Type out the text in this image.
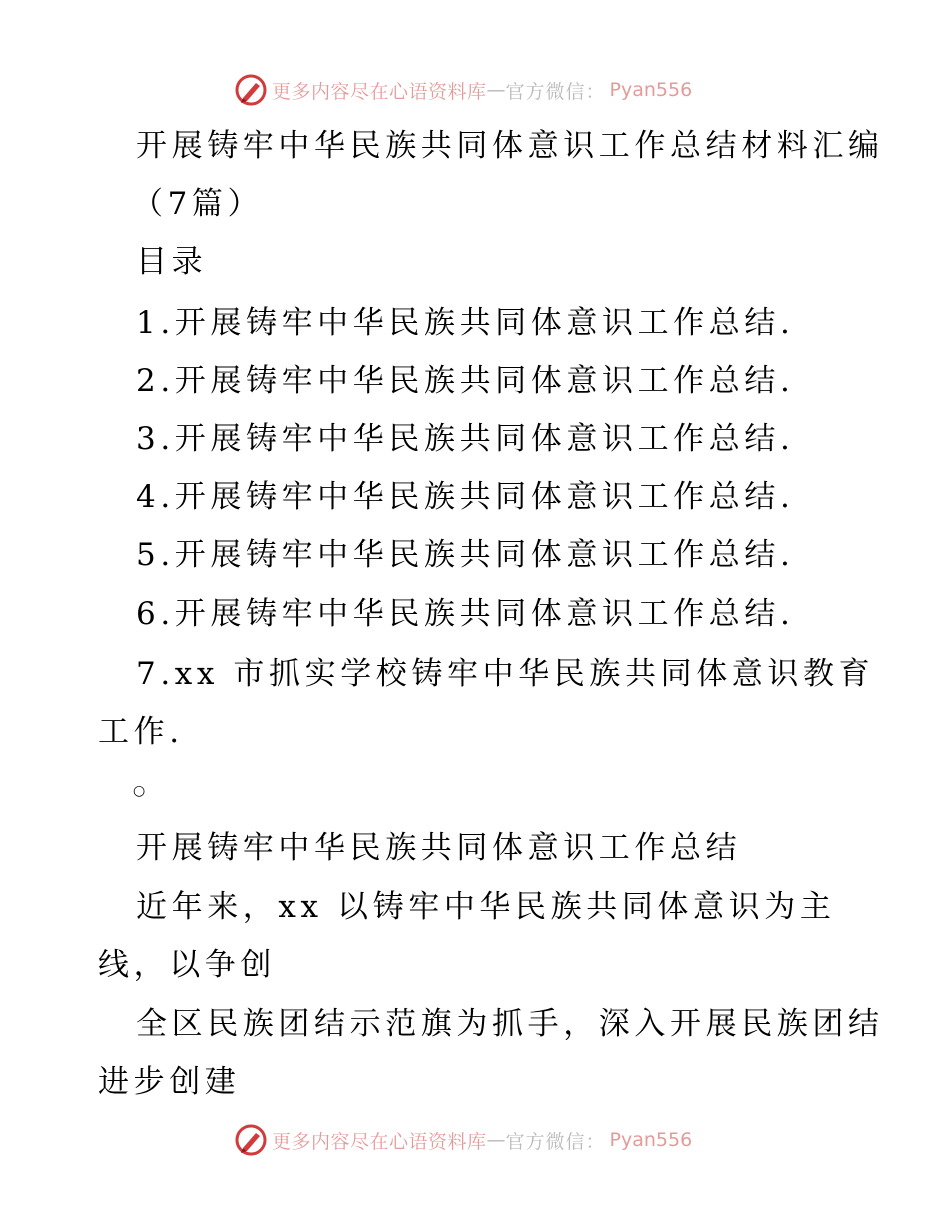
更多内容尽在心语资料库 — 官方微信： Pyan556
开展铸牢中华民族共同体意识工作总结材料汇编
（7篇）
目录
1.开展铸牢中华民族共同体意识工作总结.
2.开展铸牢中华民族共同体意识工作总结.
3.开展铸牢中华民族共同体意识工作总结.
4.开展铸牢中华民族共同体意识工作总结.
5.开展铸牢中华民族共同体意识工作总结.
6.开展铸牢中华民族共同体意识工作总结.
7.xx 市抓实学校铸牢中华民族共同体意识教育
工作.
○
开展铸牢中华民族共同体意识工作总结
近年来，xx 以铸牢中华民族共同体意识为主
线，以争创
全区民族团结示范旗为抓手，深入开展民族团结
进步创建
更多内容尽在心语资料库 — 官方微信： Pyan556
